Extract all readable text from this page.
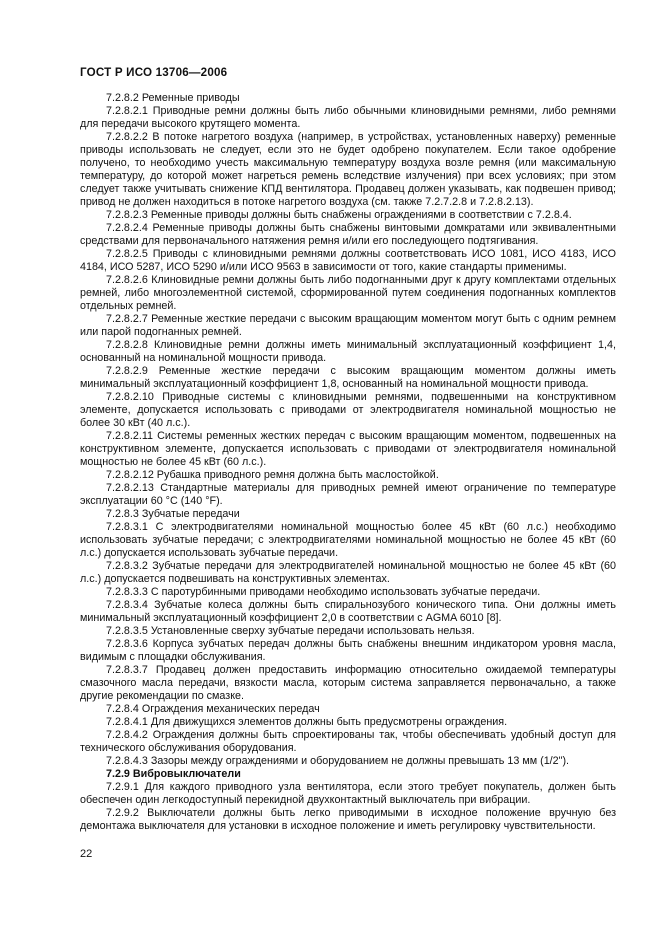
ГОСТ Р ИСО 13706—2006

7.2.8.2 Ременные приводы

7.2.8.2.1 Приводные ремни должны быть либо обычными клиновидными ремнями, либо ремнями для передачи высокого крутящего момента.

7.2.8.2.2 В потоке нагретого воздуха (например, в устройствах, установленных наверху) ременные приводы использовать не следует, если это не будет одобрено покупателем. Если такое одобрение получено, то необходимо учесть максимальную температуру воздуха возле ремня (или максимальную температуру, до которой может нагреться ремень вследствие излучения) при всех условиях; при этом следует также учитывать снижение КПД вентилятора. Продавец должен указывать, как подвешен привод; привод не должен находиться в потоке нагретого воздуха (см. также 7.2.7.2.8 и 7.2.8.2.13).

7.2.8.2.3 Ременные приводы должны быть снабжены ограждениями в соответствии с 7.2.8.4.

7.2.8.2.4 Ременные приводы должны быть снабжены винтовыми домкратами или эквивалентными средствами для первоначального натяжения ремня и/или его последующего подтягивания.

7.2.8.2.5 Приводы с клиновидными ремнями должны соответствовать ИСО 1081, ИСО 4183, ИСО 4184, ИСО 5287, ИСО 5290 и/или ИСО 9563 в зависимости от того, какие стандарты применимы.

7.2.8.2.6 Клиновидные ремни должны быть либо подогнанными друг к другу комплектами отдельных ремней, либо многоэлементной системой, сформированной путем соединения подогнанных комплектов отдельных ремней.

7.2.8.2.7 Ременные жесткие передачи с высоким вращающим моментом могут быть с одним ремнем или парой подогнанных ремней.

7.2.8.2.8 Клиновидные ремни должны иметь минимальный эксплуатационный коэффициент 1,4, основанный на номинальной мощности привода.

7.2.8.2.9 Ременные жесткие передачи с высоким вращающим моментом должны иметь минимальный эксплуатационный коэффициент 1,8, основанный на номинальной мощности привода.

7.2.8.2.10 Приводные системы с клиновидными ремнями, подвешенными на конструктивном элементе, допускается использовать с приводами от электродвигателя номинальной мощностью не более 30 кВт (40 л.с.).

7.2.8.2.11 Системы ременных жестких передач с высоким вращающим моментом, подвешенных на конструктивном элементе, допускается использовать с приводами от электродвигателя номинальной мощностью не более 45 кВт (60 л.с.).

7.2.8.2.12 Рубашка приводного ремня должна быть маслостойкой.

7.2.8.2.13 Стандартные материалы для приводных ремней имеют ограничение по температуре эксплуатации 60 °С (140 °F).

7.2.8.3 Зубчатые передачи

7.2.8.3.1 С электродвигателями номинальной мощностью более 45 кВт (60 л.с.) необходимо использовать зубчатые передачи; с электродвигателями номинальной мощностью не более 45 кВт (60 л.с.) допускается использовать зубчатые передачи.

7.2.8.3.2 Зубчатые передачи для электродвигателей номинальной мощностью не более 45 кВт (60 л.с.) допускается подвешивать на конструктивных элементах.

7.2.8.3.3 С паротурбинными приводами необходимо использовать зубчатые передачи.

7.2.8.3.4 Зубчатые колеса должны быть спиральнозубого конического типа. Они должны иметь минимальный эксплуатационный коэффициент 2,0 в соответствии с AGMA 6010 [8].

7.2.8.3.5 Установленные сверху зубчатые передачи использовать нельзя.

7.2.8.3.6 Корпуса зубчатых передач должны быть снабжены внешним индикатором уровня масла, видимым с площадки обслуживания.

7.2.8.3.7 Продавец должен предоставить информацию относительно ожидаемой температуры смазочного масла передачи, вязкости масла, которым система заправляется первоначально, а также другие рекомендации по смазке.

7.2.8.4 Ограждения механических передач

7.2.8.4.1 Для движущихся элементов должны быть предусмотрены ограждения.

7.2.8.4.2 Ограждения должны быть спроектированы так, чтобы обеспечивать удобный доступ для технического обслуживания оборудования.

7.2.8.4.3 Зазоры между ограждениями и оборудованием не должны превышать 13 мм (1/2").

7.2.9 Вибровыключатели

7.2.9.1 Для каждого приводного узла вентилятора, если этого требует покупатель, должен быть обеспечен один легкодоступный перекидной двухконтактный выключатель при вибрации.

7.2.9.2 Выключатели должны быть легко приводимыми в исходное положение вручную без демонтажа выключателя для установки в исходное положение и иметь регулировку чувствительности.

22
